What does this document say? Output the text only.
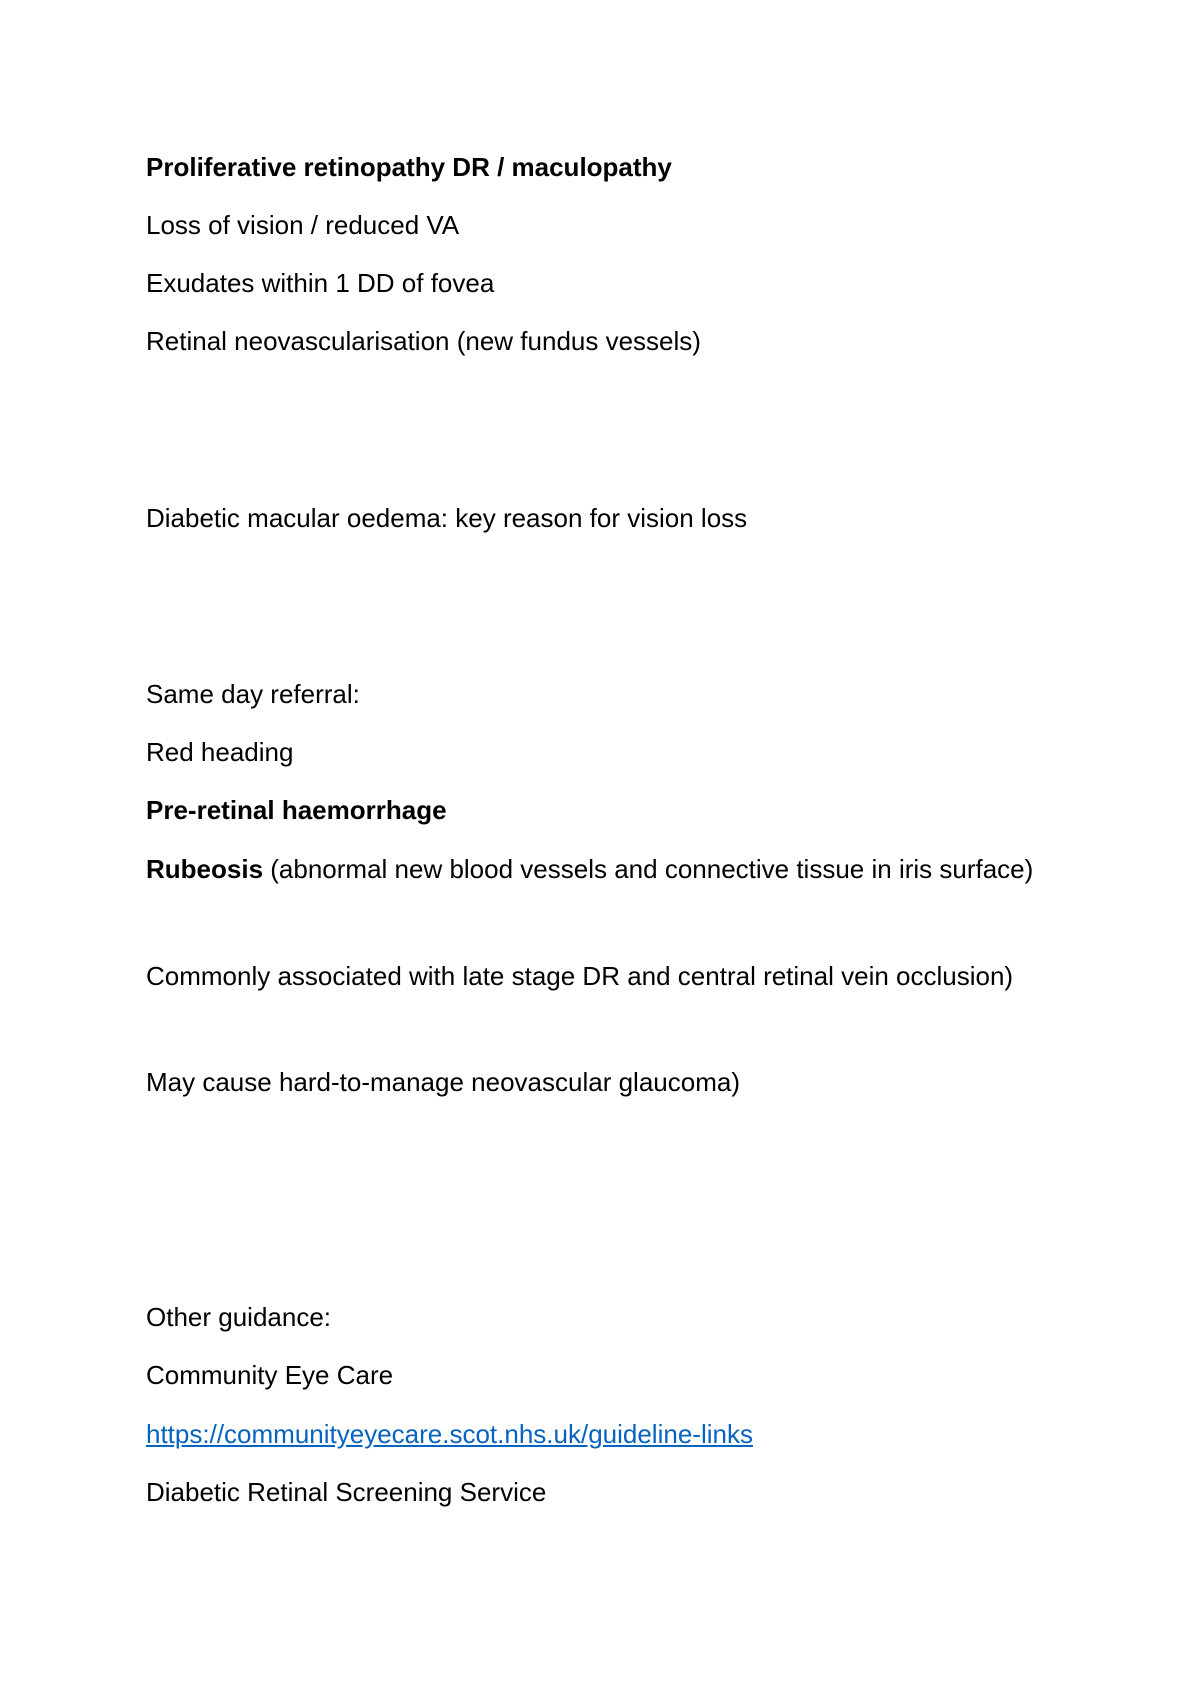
Proliferative retinopathy DR / maculopathy

Loss of vision / reduced VA

Exudates within 1 DD of fovea

Retinal neovascularisation (new fundus vessels)

Diabetic macular oedema: key reason for vision loss

Same day referral:

Red heading

Pre-retinal haemorrhage

Rubeosis (abnormal new blood vessels and connective tissue in iris surface)

Commonly associated with late stage DR and central retinal vein occlusion)

May cause hard-to-manage neovascular glaucoma)

Other guidance:

Community Eye Care

https://communityeyecare.scot.nhs.uk/guideline-links

Diabetic Retinal Screening Service
